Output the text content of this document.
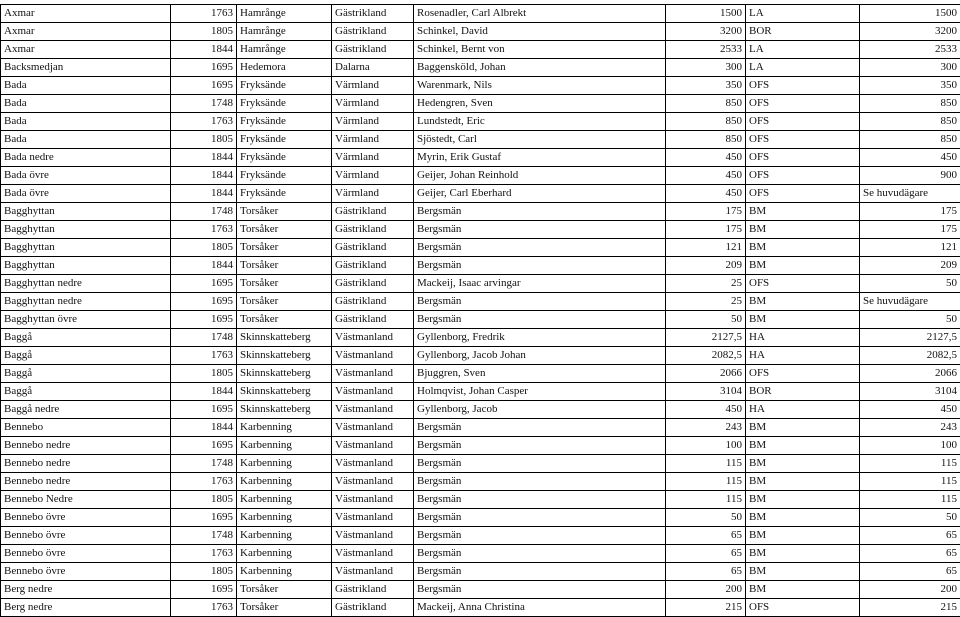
Axmar	1763	Hamrånge	Gästrikland	Rosenadler, Carl Albrekt	1500	LA	1500
Axmar	1805	Hamrånge	Gästrikland	Schinkel, David	3200	BOR	3200
Axmar	1844	Hamrånge	Gästrikland	Schinkel, Bernt von	2533	LA	2533
Backsmedjan	1695	Hedemora	Dalarna	Baggensköld, Johan	300	LA	300
Bada	1695	Fryksände	Värmland	Warenmark, Nils	350	OFS	350
Bada	1748	Fryksände	Värmland	Hedengren, Sven	850	OFS	850
Bada	1763	Fryksände	Värmland	Lundstedt, Eric	850	OFS	850
Bada	1805	Fryksände	Värmland	Sjöstedt, Carl	850	OFS	850
Bada nedre	1844	Fryksände	Värmland	Myrin, Erik Gustaf	450	OFS	450
Bada övre	1844	Fryksände	Värmland	Geijer, Johan Reinhold	450	OFS	900
Bada övre	1844	Fryksände	Värmland	Geijer, Carl Eberhard	450	OFS	Se huvudägare
Bagghyttan	1748	Torsåker	Gästrikland	Bergsmän	175	BM	175
Bagghyttan	1763	Torsåker	Gästrikland	Bergsmän	175	BM	175
Bagghyttan	1805	Torsåker	Gästrikland	Bergsmän	121	BM	121
Bagghyttan	1844	Torsåker	Gästrikland	Bergsmän	209	BM	209
Bagghyttan nedre	1695	Torsåker	Gästrikland	Mackeij, Isaac arvingar	25	OFS	50
Bagghyttan nedre	1695	Torsåker	Gästrikland	Bergsmän	25	BM	Se huvudägare
Bagghyttan övre	1695	Torsåker	Gästrikland	Bergsmän	50	BM	50
Baggå	1748	Skinnskatteberg	Västmanland	Gyllenborg, Fredrik	2127,5	HA	2127,5
Baggå	1763	Skinnskatteberg	Västmanland	Gyllenborg, Jacob Johan	2082,5	HA	2082,5
Baggå	1805	Skinnskatteberg	Västmanland	Bjuggren, Sven	2066	OFS	2066
Baggå	1844	Skinnskatteberg	Västmanland	Holmqvist, Johan Casper	3104	BOR	3104
Baggå nedre	1695	Skinnskatteberg	Västmanland	Gyllenborg, Jacob	450	HA	450
Bennebo	1844	Karbenning	Västmanland	Bergsmän	243	BM	243
Bennebo nedre	1695	Karbenning	Västmanland	Bergsmän	100	BM	100
Bennebo nedre	1748	Karbenning	Västmanland	Bergsmän	115	BM	115
Bennebo nedre	1763	Karbenning	Västmanland	Bergsmän	115	BM	115
Bennebo Nedre	1805	Karbenning	Västmanland	Bergsmän	115	BM	115
Bennebo övre	1695	Karbenning	Västmanland	Bergsmän	50	BM	50
Bennebo övre	1748	Karbenning	Västmanland	Bergsmän	65	BM	65
Bennebo övre	1763	Karbenning	Västmanland	Bergsmän	65	BM	65
Bennebo övre	1805	Karbenning	Västmanland	Bergsmän	65	BM	65
Berg nedre	1695	Torsåker	Gästrikland	Bergsmän	200	BM	200
Berg nedre	1763	Torsåker	Gästrikland	Mackeij, Anna Christina	215	OFS	215
